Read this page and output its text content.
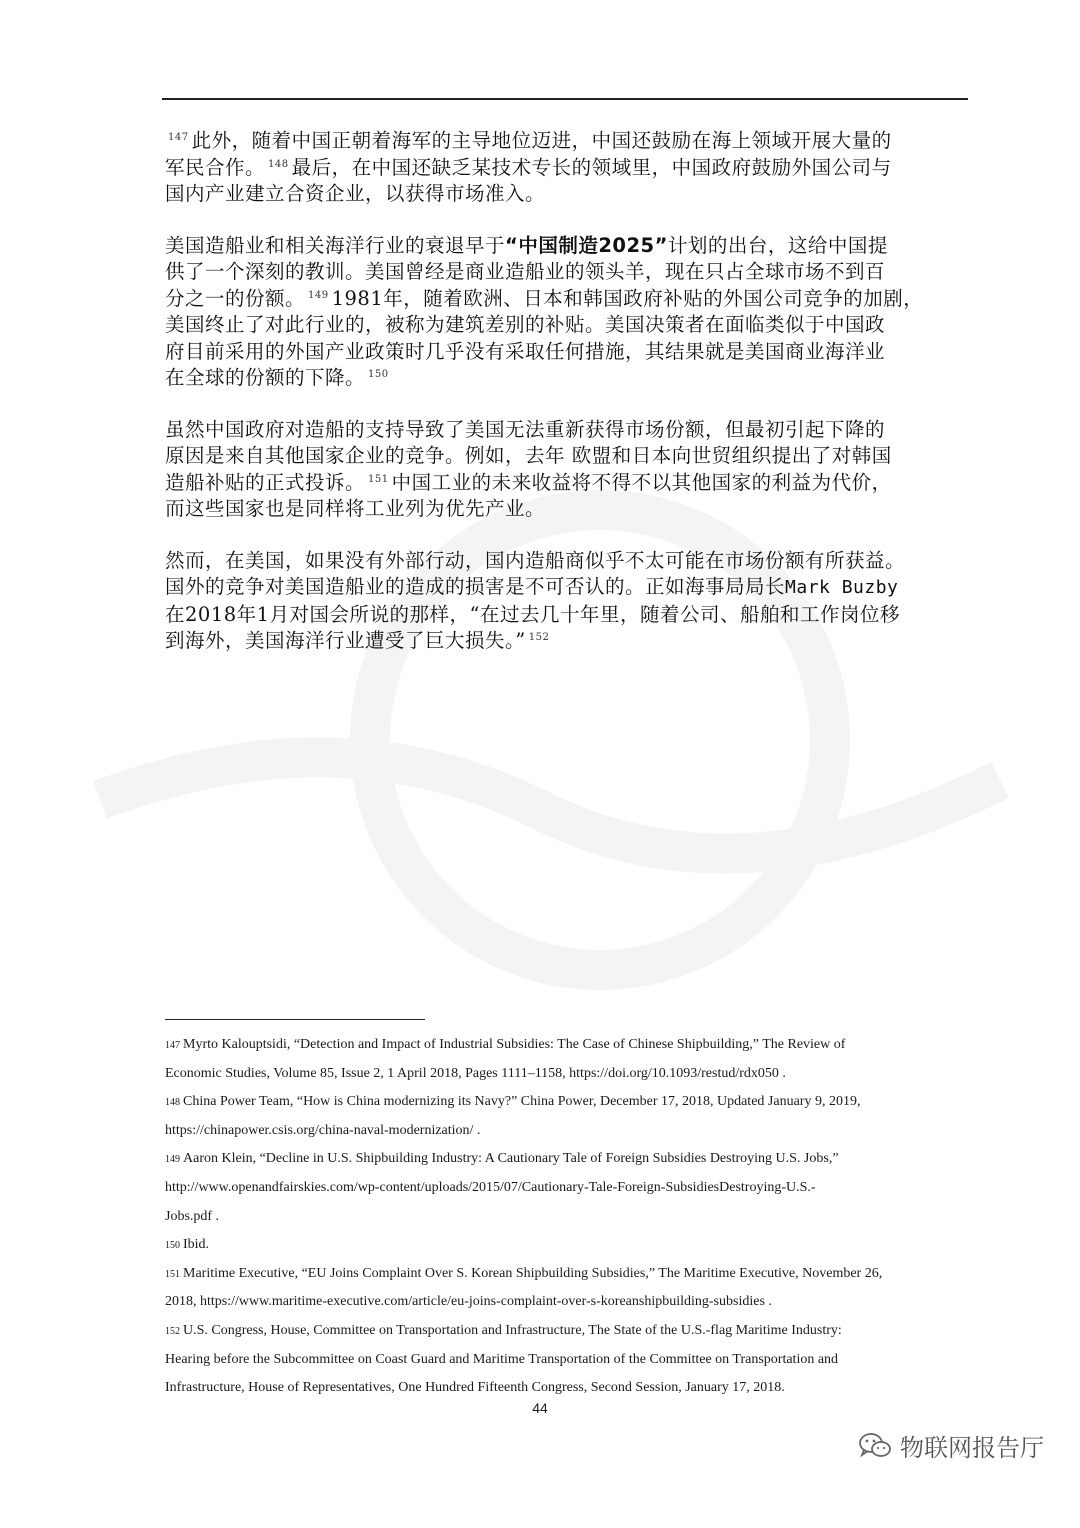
$^{147}$ 此外，随着中国正朝着海军的主导地位迈进，中国还鼓励在海上领域开展大量的
军民合作。 $^{148}$ 最后，在中国还缺乏某技术专长的领域里，中国政府鼓励外国公司与
国内产业建立合资企业，以获得市场准入。

美国造船业和相关海洋行业的衰退早于“中国制造2025”计划的出台，这给中国提
供了一个深刻的教训。美国曾经是商业造船业的领头羊，现在只占全球市场不到百
分之一的份额。 $^{149}$ 1981年，随着欧洲、日本和韩国政府补贴的外国公司竞争的加剧，
美国终止了对此行业的，被称为建筑差别的补贴。美国决策者在面临类似于中国政
府目前采用的外国产业政策时几乎没有采取任何措施，其结果就是美国商业海洋业
在全球的份额的下降。 $^{150}$

虽然中国政府对造船的支持导致了美国无法重新获得市场份额，但最初引起下降的
原因是来自其他国家企业的竞争。例如，去年 欧盟和日本向世贸组织提出了对韩国
造船补贴的正式投诉。 $^{151}$ 中国工业的未来收益将不得不以其他国家的利益为代价，
而这些国家也是同样将工业列为优先产业。

然而，在美国，如果没有外部行动，国内造船商似乎不太可能在市场份额有所获益。
国外的竞争对美国造船业的造成的损害是不可否认的。正如海事局局长Mark Buzby
在2018年1月对国会所说的那样，“在过去几十年里，随着公司、船舶和工作岗位移
到海外，美国海洋行业遭受了巨大损失。” $^{152}$

$^{147}$ Myrto Kalouptsidi, “Detection and Impact of Industrial Subsidies: The Case of Chinese Shipbuilding,” The Review of
Economic Studies, Volume 85, Issue 2, 1 April 2018, Pages 1111–1158, https://doi.org/10.1093/restud/rdx050 .
$^{148}$ China Power Team, “How is China modernizing its Navy?” China Power, December 17, 2018, Updated January 9, 2019,
https://chinapower.csis.org/china-naval-modernization/ .
$^{149}$ Aaron Klein, “Decline in U.S. Shipbuilding Industry: A Cautionary Tale of Foreign Subsidies Destroying U.S. Jobs,”
http://www.openandfairskies.com/wp-content/uploads/2015/07/Cautionary-Tale-Foreign-SubsidiesDestroying-U.S.-
Jobs.pdf .
$^{150}$ Ibid.
$^{151}$ Maritime Executive, “EU Joins Complaint Over S. Korean Shipbuilding Subsidies,” The Maritime Executive, November 26,
2018, https://www.maritime-executive.com/article/eu-joins-complaint-over-s-koreanshipbuilding-subsidies .
$^{152}$ U.S. Congress, House, Committee on Transportation and Infrastructure, The State of the U.S.-flag Maritime Industry:
Hearing before the Subcommittee on Coast Guard and Maritime Transportation of the Committee on Transportation and
Infrastructure, House of Representatives, One Hundred Fifteenth Congress, Second Session, January 17, 2018.
44
物联网报告厅
